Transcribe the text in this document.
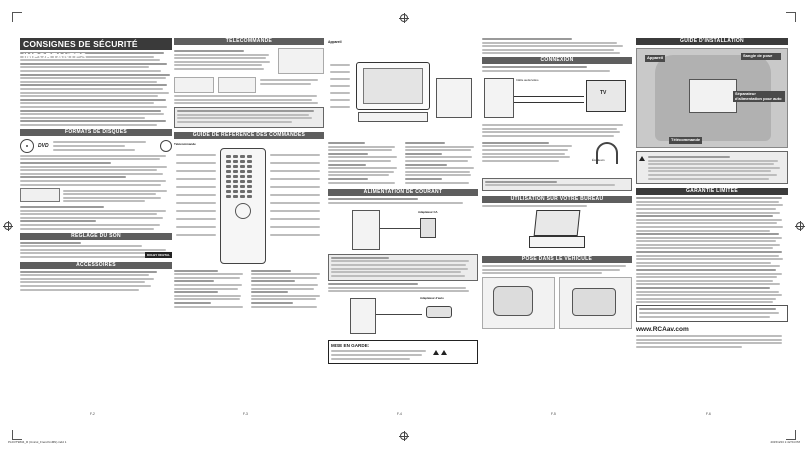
CONSIGNES DE SÉCURITÉ IMPORTANTES
FORMATS DE DISQUES
DVD
RÉGLAGE DU SON
DOLBY DIGITAL
ACCESSOIRES
TÉLÉCOMMANDE
GUIDE DE RÉFÉRENCE DES COMMANDES
Télécommande
Appareil
ALIMENTATION DE COURANT
Adaptateur CA
Adaptateur d'auto
MISE EN GARDE:
CONNEXION
Câble audio/vidéo
TV
Écouteurs
UTILISATION SUR VOTRE BUREAU
POSE DANS LE VÉHICULE
GUIDE D'INSTALLATION
Appareil	Sangle de pose
Séparateur d'alimentation pour auto
Télécommande
GARANTIE LIMITÉE
www.RCAav.com
F-2	F-3	F-4	F-5	F-6
PLDVT9834_R (Unicol_FrenchinMN).indd 1	2015/4/23 1:42:54 PM
